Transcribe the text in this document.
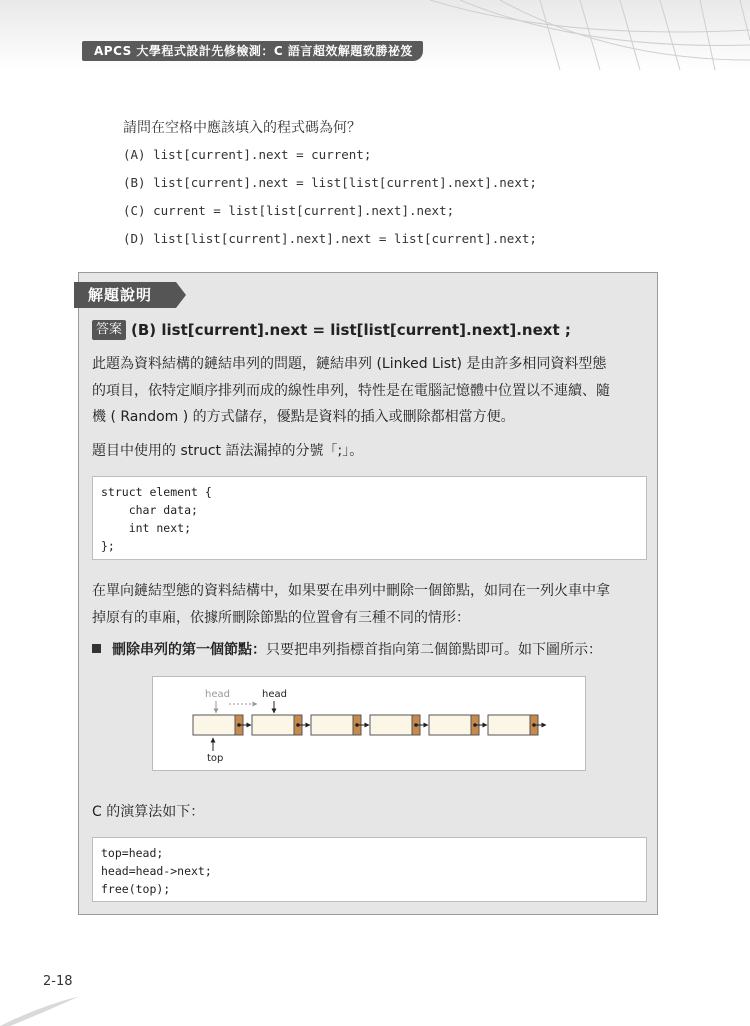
APCS 大學程式設計先修檢測：C 語言超效解題致勝祕笈
請問在空格中應該填入的程式碼為何？
(A) list[current].next = current;
(B) list[current].next = list[list[current].next].next;
(C) current = list[list[current].next].next;
(D) list[list[current].next].next = list[current].next;
解題說明
答案 (B) list[current].next = list[list[current].next].next ;
此題為資料結構的鏈結串列的問題，鏈結串列 (Linked List) 是由許多相同資料型態
的項目，依特定順序排列而成的線性串列，特性是在電腦記憶體中位置以不連續、隨
機 ( Random ) 的方式儲存，優點是資料的插入或刪除都相當方便。
題目中使用的 struct 語法漏掉的分號「;」。
struct element {
char data;
int next;
};
在單向鏈結型態的資料結構中，如果要在串列中刪除一個節點，如同在一列火車中拿
掉原有的車廂，依據所刪除節點的位置會有三種不同的情形：
刪除串列的第一個節點：只要把串列指標首指向第二個節點即可。如下圖所示：
head	head
top
C 的演算法如下：
top=head;
head=head->next;
free(top);
2-18
